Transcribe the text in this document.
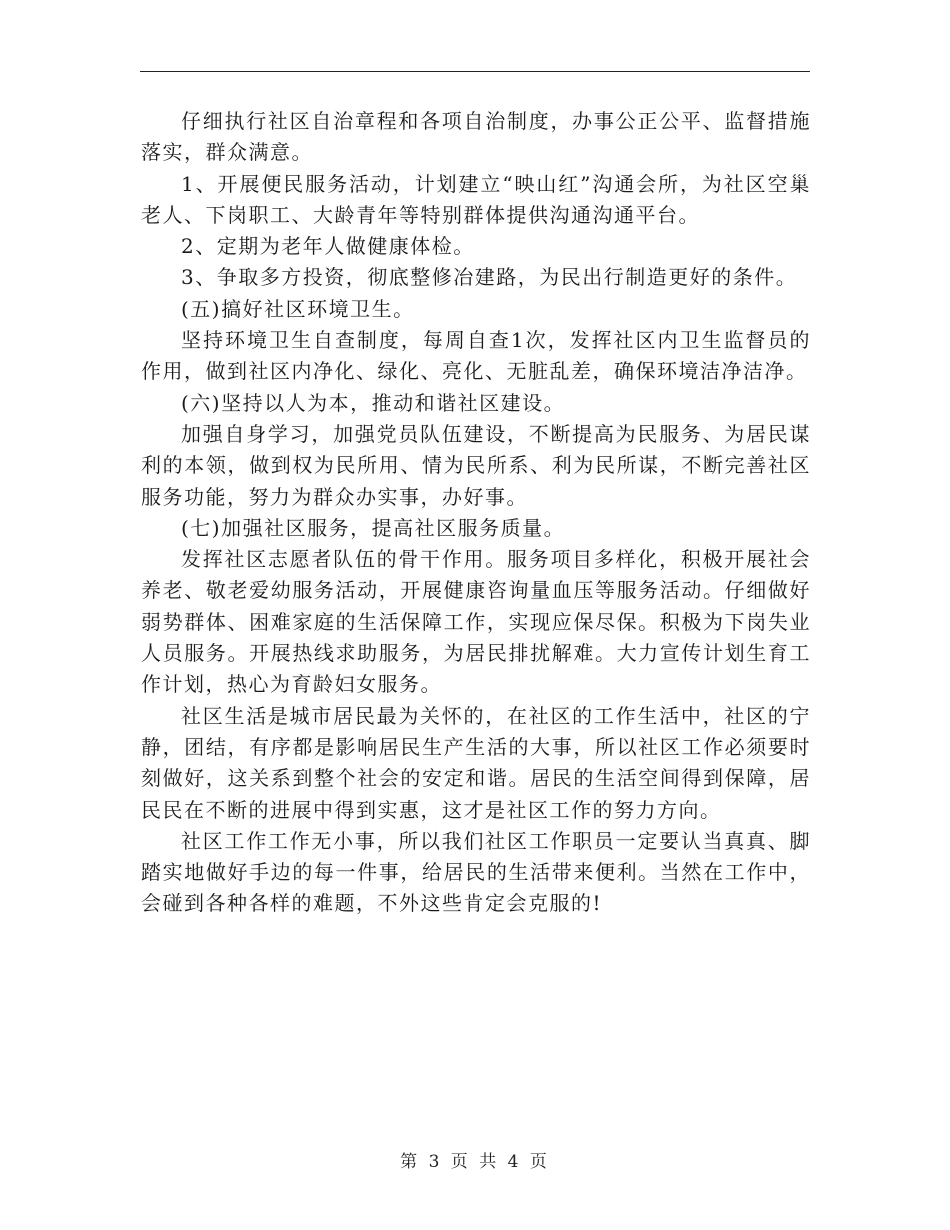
仔细执行社区自治章程和各项自治制度，办事公正公平、监督措施落实，群众满意。

1、开展便民服务活动，计划建立“映山红”沟通会所，为社区空巢老人、下岗职工、大龄青年等特别群体提供沟通沟通平台。

2、定期为老年人做健康体检。

3、争取多方投资，彻底整修冶建路，为民出行制造更好的条件。

(五)搞好社区环境卫生。

坚持环境卫生自查制度，每周自查1次，发挥社区内卫生监督员的作用，做到社区内净化、绿化、亮化、无脏乱差，确保环境洁净洁净。

(六)坚持以人为本，推动和谐社区建设。

加强自身学习，加强党员队伍建设，不断提高为民服务、为居民谋利的本领，做到权为民所用、情为民所系、利为民所谋，不断完善社区服务功能，努力为群众办实事，办好事。

(七)加强社区服务，提高社区服务质量。

发挥社区志愿者队伍的骨干作用。服务项目多样化，积极开展社会养老、敬老爱幼服务活动，开展健康咨询量血压等服务活动。仔细做好弱势群体、困难家庭的生活保障工作，实现应保尽保。积极为下岗失业人员服务。开展热线求助服务，为居民排扰解难。大力宣传计划生育工作计划，热心为育龄妇女服务。

社区生活是城市居民最为关怀的，在社区的工作生活中，社区的宁静，团结，有序都是影响居民生产生活的大事，所以社区工作必须要时刻做好，这关系到整个社会的安定和谐。居民的生活空间得到保障，居民民在不断的进展中得到实惠，这才是社区工作的努力方向。

社区工作工作无小事，所以我们社区工作职员一定要认当真真、脚踏实地做好手边的每一件事，给居民的生活带来便利。当然在工作中，会碰到各种各样的难题，不外这些肯定会克服的!

第 3 页 共 4 页
